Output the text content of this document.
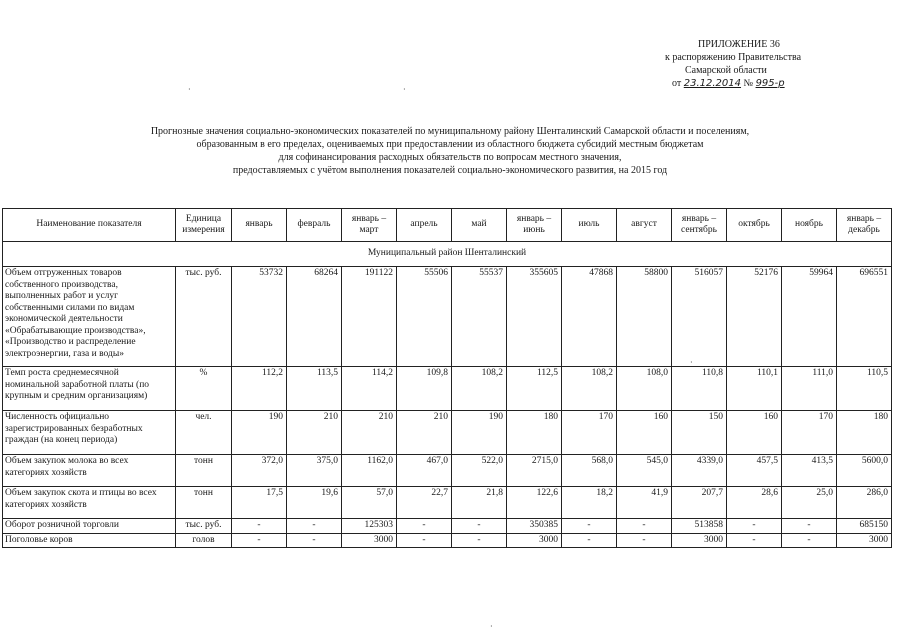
ПРИЛОЖЕНИЕ 36
к распоряжению Правительства
Самарской области
от 23.12.2014 № 995-р
·	·
Прогнозные значения социально-экономических показателей по муниципальному району Шенталинский Самарской области и поселениям,
образованным в его пределах, оцениваемых при предоставлении из областного бюджета субсидий местным бюджетам
для софинансирования расходных обязательств по вопросам местного значения,
предоставляемых с учётом выполнения показателей социально-экономического развития, на 2015 год
Наименование показателя	Единица измерения	январь	февраль	январь – март	апрель	май	январь – июнь	июль	август	январь – сентябрь	октябрь	ноябрь	январь – декабрь
Муниципальный район Шенталинский													
Объем отгруженных товаров собственного производства, выполненных работ и услуг собственными силами по видам экономической деятельности «Обрабатывающие производства», «Производство и распределение электроэнергии, газа и воды»	тыс. руб.	53732	68264	191122	55506	55537	355605	47868	58800	516057	52176	59964	696551
Темп роста среднемесячной номинальной заработной платы (по крупным и средним организациям)	%	112,2	113,5	114,2	109,8	108,2	112,5	108,2	108,0	110,8	110,1	111,0	110,5
Численность официально зарегистрированных безработных граждан (на конец периода)	чел.	190	210	210	210	190	180	170	160	150	160	170	180
Объем закупок молока во всех категориях хозяйств	тонн	372,0	375,0	1162,0	467,0	522,0	2715,0	568,0	545,0	4339,0	457,5	413,5	5600,0
Объем закупок скота и птицы во всех категориях хозяйств	тонн	17,5	19,6	57,0	22,7	21,8	122,6	18,2	41,9	207,7	28,6	25,0	286,0
Оборот розничной торговли	тыс. руб.	-	-	125303	-	-	350385	-	-	513858	-	-	685150
Поголовье коров	голов	-	-	3000	-	-	3000	-	-	3000	-	-	3000
·
·
